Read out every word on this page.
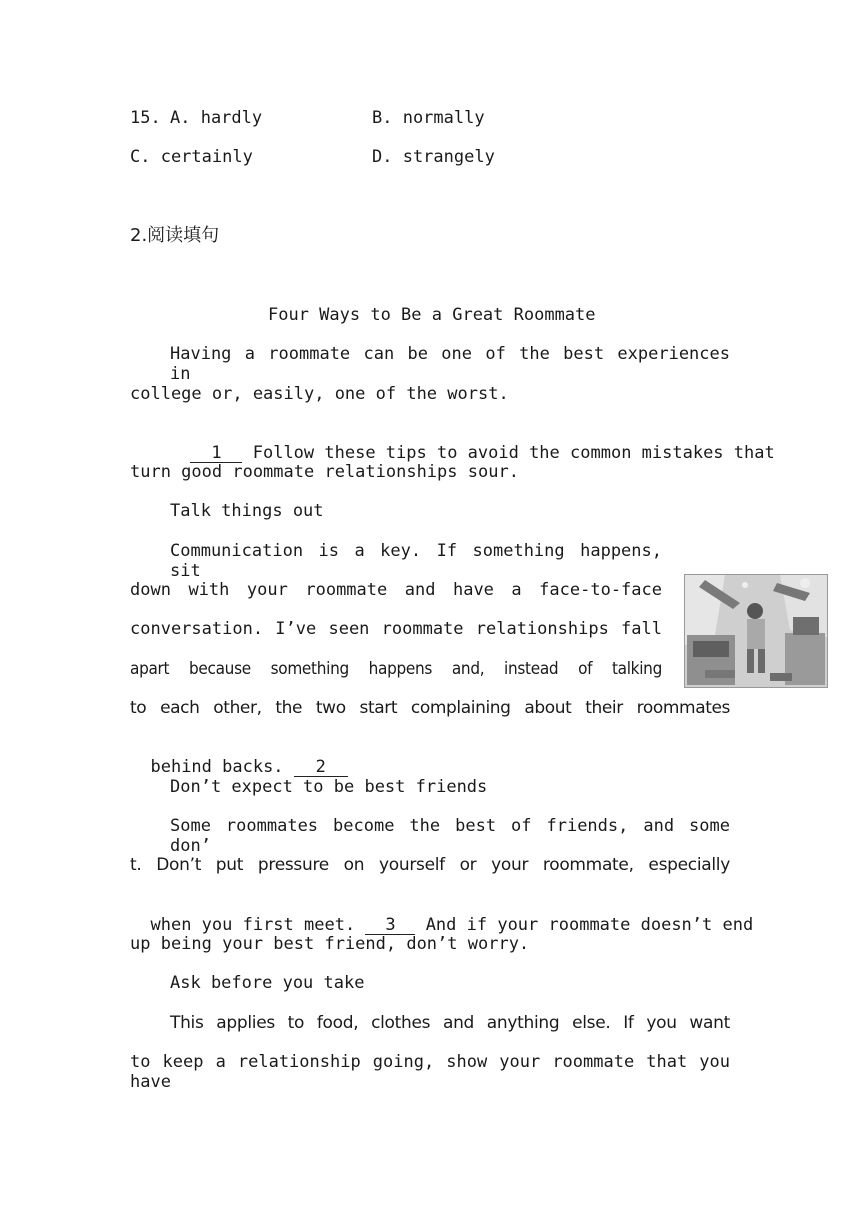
15. A. hardly	B. normally
C. certainly	D. strangely
2.阅读填句
Four Ways to Be a Great Roommate
Having a roommate can be one of the best experiences in
college or, easily, one of the worst.

1 Follow these tips to avoid the common mistakes that

turn good roommate relationships sour.
Talk things out
Communication is a key. If something happens, sit
down with your roommate and have a face-to-face
conversation. I’ve seen roommate relationships fall
apart because something happens and, instead of talking
to each other, the two start complaining about their roommates

behind backs. 2

Don’t expect to be best friends
Some roommates become the best of friends, and some don’
t. Don’t put pressure on yourself or your roommate, especially

when you first meet. 3 And if your roommate doesn’t end

up being your best friend, don’t worry.
Ask before you take
This applies to food, clothes and anything else. If you want
to keep a relationship going, show your roommate that you have
